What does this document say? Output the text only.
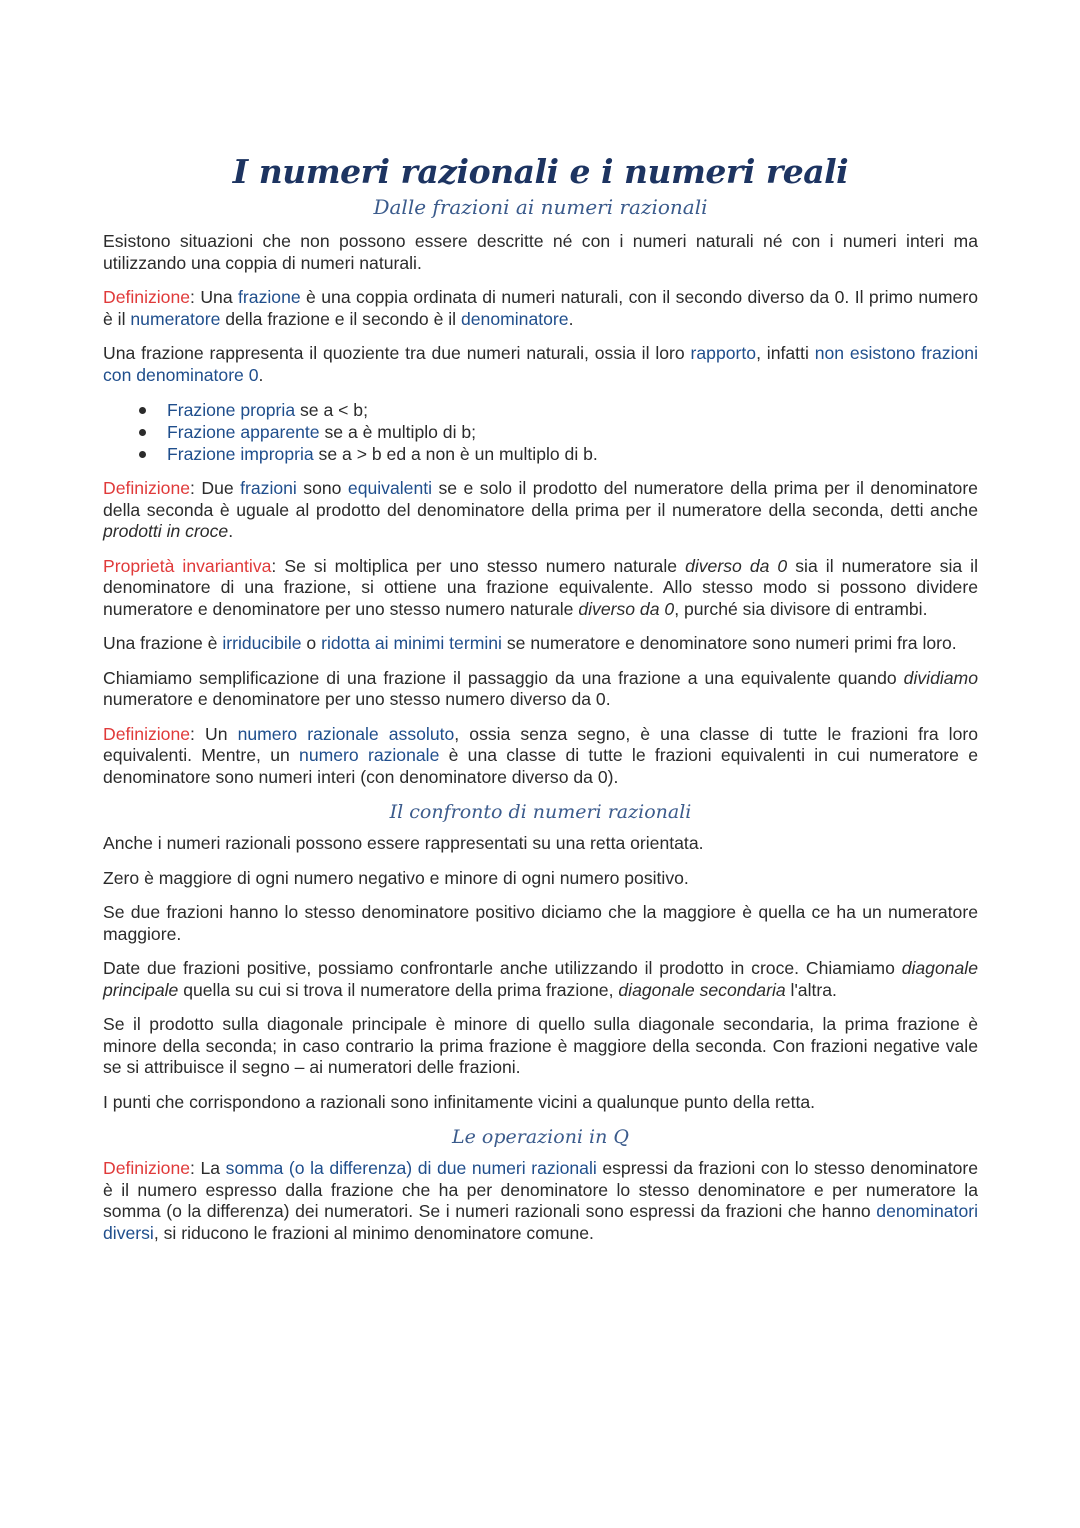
I numeri razionali e i numeri reali
Dalle frazioni ai numeri razionali

Esistono situazioni che non possono essere descritte né con i numeri naturali né con i numeri interi ma utilizzando una coppia di numeri naturali.

Definizione: Una frazione è una coppia ordinata di numeri naturali, con il secondo diverso da 0. Il primo numero è il numeratore della frazione e il secondo è il denominatore.

Una frazione rappresenta il quoziente tra due numeri naturali, ossia il loro rapporto, infatti non esistono frazioni con denominatore 0.

Frazione propria se a < b;
Frazione apparente se a è multiplo di b;
Frazione impropria se a > b ed a non è un multiplo di b.

Definizione: Due frazioni sono equivalenti se e solo il prodotto del numeratore della prima per il denominatore della seconda è uguale al prodotto del denominatore della prima per il numeratore della seconda, detti anche prodotti in croce.

Proprietà invariantiva: Se si moltiplica per uno stesso numero naturale diverso da 0 sia il numeratore sia il denominatore di una frazione, si ottiene una frazione equivalente. Allo stesso modo si possono dividere numeratore e denominatore per uno stesso numero naturale diverso da 0, purché sia divisore di entrambi.

Una frazione è irriducibile o ridotta ai minimi termini se numeratore e denominatore sono numeri primi fra loro.

Chiamiamo semplificazione di una frazione il passaggio da una frazione a una equivalente quando dividiamo numeratore e denominatore per uno stesso numero diverso da 0.

Definizione: Un numero razionale assoluto, ossia senza segno, è una classe di tutte le frazioni fra loro equivalenti. Mentre, un numero razionale è una classe di tutte le frazioni equivalenti in cui numeratore e denominatore sono numeri interi (con denominatore diverso da 0).

Il confronto di numeri razionali

Anche i numeri razionali possono essere rappresentati su una retta orientata.

Zero è maggiore di ogni numero negativo e minore di ogni numero positivo.

Se due frazioni hanno lo stesso denominatore positivo diciamo che la maggiore è quella ce ha un numeratore maggiore.

Date due frazioni positive, possiamo confrontarle anche utilizzando il prodotto in croce. Chiamiamo diagonale principale quella su cui si trova il numeratore della prima frazione, diagonale secondaria l'altra.

Se il prodotto sulla diagonale principale è minore di quello sulla diagonale secondaria, la prima frazione è minore della seconda; in caso contrario la prima frazione è maggiore della seconda. Con frazioni negative vale se si attribuisce il segno – ai numeratori delle frazioni.

I punti che corrispondono a razionali sono infinitamente vicini a qualunque punto della retta.

Le operazioni in Q

Definizione: La somma (o la differenza) di due numeri razionali espressi da frazioni con lo stesso denominatore è il numero espresso dalla frazione che ha per denominatore lo stesso denominatore e per numeratore la somma (o la differenza) dei numeratori. Se i numeri razionali sono espressi da frazioni che hanno denominatori diversi, si riducono le frazioni al minimo denominatore comune.
